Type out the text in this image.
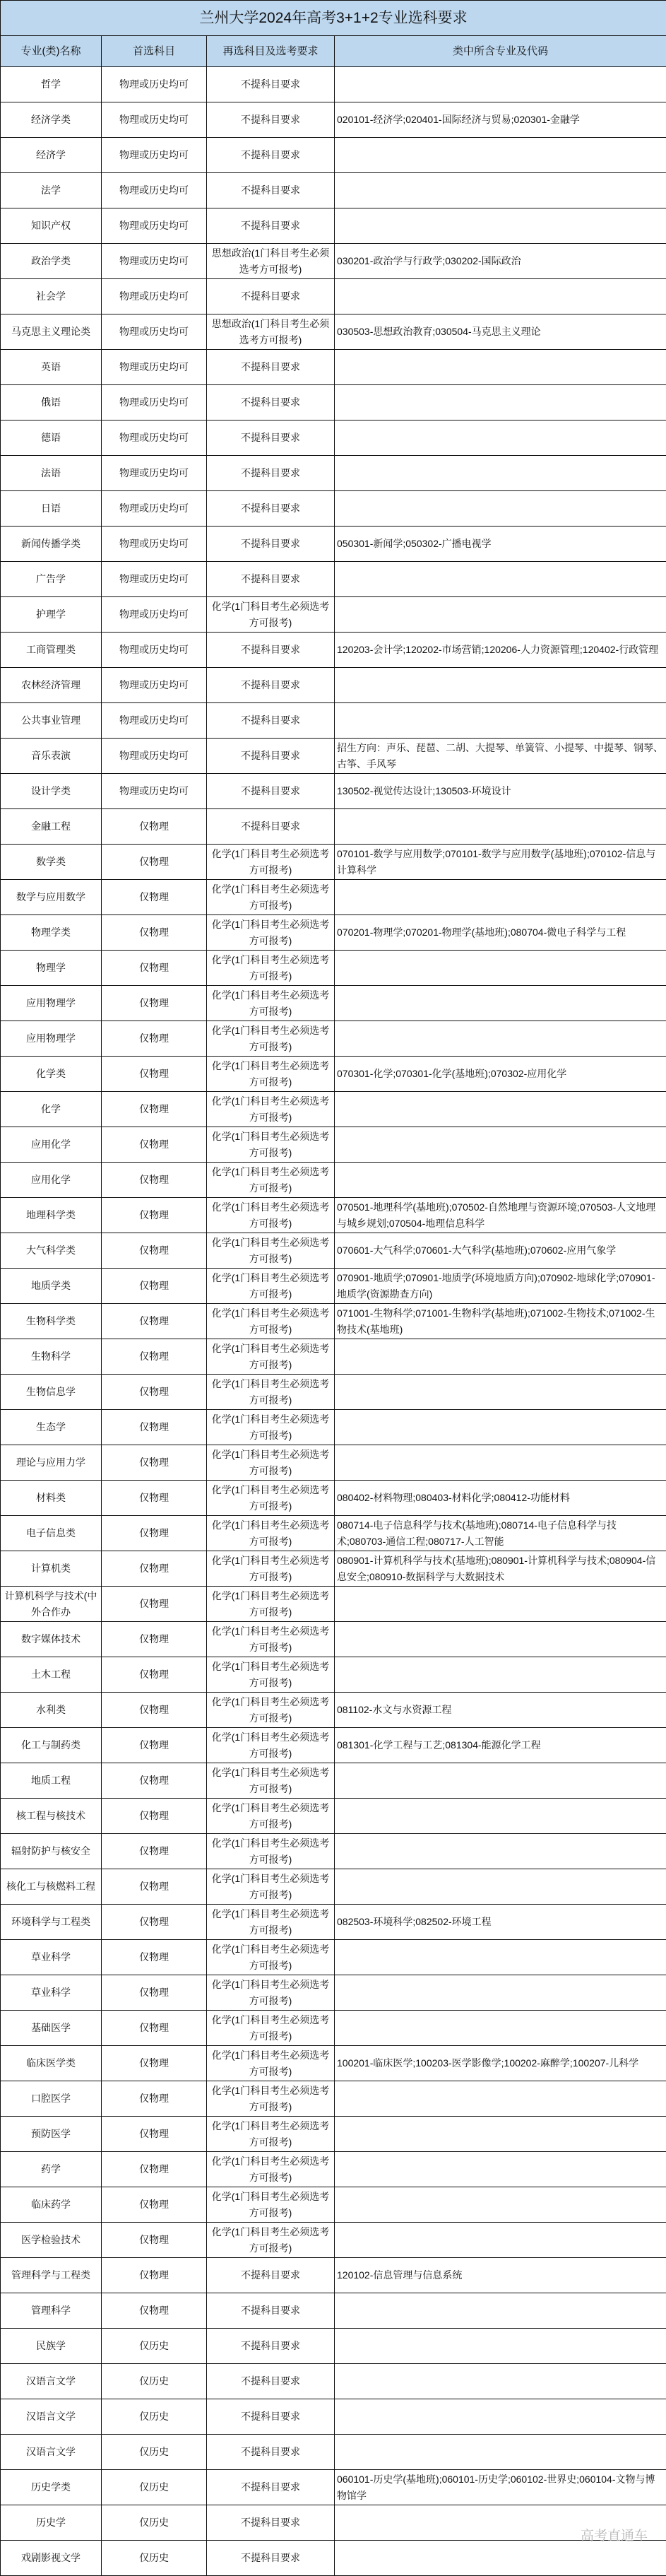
兰州大学2024年高考3+1+2专业选科要求			
专业(类)名称	首选科目	再选科目及选考要求	类中所含专业及代码
哲学	物理或历史均可	不提科目要求	
经济学类	物理或历史均可	不提科目要求	020101-经济学;020401-国际经济与贸易;020301-金融学
经济学	物理或历史均可	不提科目要求	
法学	物理或历史均可	不提科目要求	
知识产权	物理或历史均可	不提科目要求	
政治学类	物理或历史均可	思想政治(1门科目考生必须选考方可报考)	030201-政治学与行政学;030202-国际政治
社会学	物理或历史均可	不提科目要求	
马克思主义理论类	物理或历史均可	思想政治(1门科目考生必须选考方可报考)	030503-思想政治教育;030504-马克思主义理论
英语	物理或历史均可	不提科目要求	
俄语	物理或历史均可	不提科目要求	
德语	物理或历史均可	不提科目要求	
法语	物理或历史均可	不提科目要求	
日语	物理或历史均可	不提科目要求	
新闻传播学类	物理或历史均可	不提科目要求	050301-新闻学;050302-广播电视学
广告学	物理或历史均可	不提科目要求	
护理学	物理或历史均可	化学(1门科目考生必须选考方可报考)	
工商管理类	物理或历史均可	不提科目要求	120203-会计学;120202-市场营销;120206-人力资源管理;120402-行政管理
农林经济管理	物理或历史均可	不提科目要求	
公共事业管理	物理或历史均可	不提科目要求	
音乐表演	物理或历史均可	不提科目要求	招生方向：声乐、琵琶、二胡、大提琴、单簧管、小提琴、中提琴、钢琴、古筝、手风琴
设计学类	物理或历史均可	不提科目要求	130502-视觉传达设计;130503-环境设计
金融工程	仅物理	不提科目要求	
数学类	仅物理	化学(1门科目考生必须选考方可报考)	070101-数学与应用数学;070101-数学与应用数学(基地班);070102-信息与计算科学
数学与应用数学	仅物理	化学(1门科目考生必须选考方可报考)	
物理学类	仅物理	化学(1门科目考生必须选考方可报考)	070201-物理学;070201-物理学(基地班);080704-微电子科学与工程
物理学	仅物理	化学(1门科目考生必须选考方可报考)	
应用物理学	仅物理	化学(1门科目考生必须选考方可报考)	
应用物理学	仅物理	化学(1门科目考生必须选考方可报考)	
化学类	仅物理	化学(1门科目考生必须选考方可报考)	070301-化学;070301-化学(基地班);070302-应用化学
化学	仅物理	化学(1门科目考生必须选考方可报考)	
应用化学	仅物理	化学(1门科目考生必须选考方可报考)	
应用化学	仅物理	化学(1门科目考生必须选考方可报考)	
地理科学类	仅物理	化学(1门科目考生必须选考方可报考)	070501-地理科学(基地班);070502-自然地理与资源环境;070503-人文地理与城乡规划;070504-地理信息科学
大气科学类	仅物理	化学(1门科目考生必须选考方可报考)	070601-大气科学;070601-大气科学(基地班);070602-应用气象学
地质学类	仅物理	化学(1门科目考生必须选考方可报考)	070901-地质学;070901-地质学(环境地质方向);070902-地球化学;070901-地质学(资源勘查方向)
生物科学类	仅物理	化学(1门科目考生必须选考方可报考)	071001-生物科学;071001-生物科学(基地班);071002-生物技术;071002-生物技术(基地班)
生物科学	仅物理	化学(1门科目考生必须选考方可报考)	
生物信息学	仅物理	化学(1门科目考生必须选考方可报考)	
生态学	仅物理	化学(1门科目考生必须选考方可报考)	
理论与应用力学	仅物理	化学(1门科目考生必须选考方可报考)	
材料类	仅物理	化学(1门科目考生必须选考方可报考)	080402-材料物理;080403-材料化学;080412-功能材料
电子信息类	仅物理	化学(1门科目考生必须选考方可报考)	080714-电子信息科学与技术(基地班);080714-电子信息科学与技术;080703-通信工程;080717-人工智能
计算机类	仅物理	化学(1门科目考生必须选考方可报考)	080901-计算机科学与技术(基地班);080901-计算机科学与技术;080904-信息安全;080910-数据科学与大数据技术
计算机科学与技术(中外合作办	仅物理	化学(1门科目考生必须选考方可报考)	
数字媒体技术	仅物理	化学(1门科目考生必须选考方可报考)	
土木工程	仅物理	化学(1门科目考生必须选考方可报考)	
水利类	仅物理	化学(1门科目考生必须选考方可报考)	081102-水文与水资源工程
化工与制药类	仅物理	化学(1门科目考生必须选考方可报考)	081301-化学工程与工艺;081304-能源化学工程
地质工程	仅物理	化学(1门科目考生必须选考方可报考)	
核工程与核技术	仅物理	化学(1门科目考生必须选考方可报考)	
辐射防护与核安全	仅物理	化学(1门科目考生必须选考方可报考)	
核化工与核燃料工程	仅物理	化学(1门科目考生必须选考方可报考)	
环境科学与工程类	仅物理	化学(1门科目考生必须选考方可报考)	082503-环境科学;082502-环境工程
草业科学	仅物理	化学(1门科目考生必须选考方可报考)	
草业科学	仅物理	化学(1门科目考生必须选考方可报考)	
基础医学	仅物理	化学(1门科目考生必须选考方可报考)	
临床医学类	仅物理	化学(1门科目考生必须选考方可报考)	100201-临床医学;100203-医学影像学;100202-麻醉学;100207-儿科学
口腔医学	仅物理	化学(1门科目考生必须选考方可报考)	
预防医学	仅物理	化学(1门科目考生必须选考方可报考)	
药学	仅物理	化学(1门科目考生必须选考方可报考)	
临床药学	仅物理	化学(1门科目考生必须选考方可报考)	
医学检验技术	仅物理	化学(1门科目考生必须选考方可报考)	
管理科学与工程类	仅物理	不提科目要求	120102-信息管理与信息系统
管理科学	仅物理	不提科目要求	
民族学	仅历史	不提科目要求	
汉语言文学	仅历史	不提科目要求	
汉语言文学	仅历史	不提科目要求	
汉语言文学	仅历史	不提科目要求	
历史学类	仅历史	不提科目要求	060101-历史学(基地班);060101-历史学;060102-世界史;060104-文物与博物馆学
历史学	仅历史	不提科目要求	
戏剧影视文学	仅历史	不提科目要求	
高考直通车
